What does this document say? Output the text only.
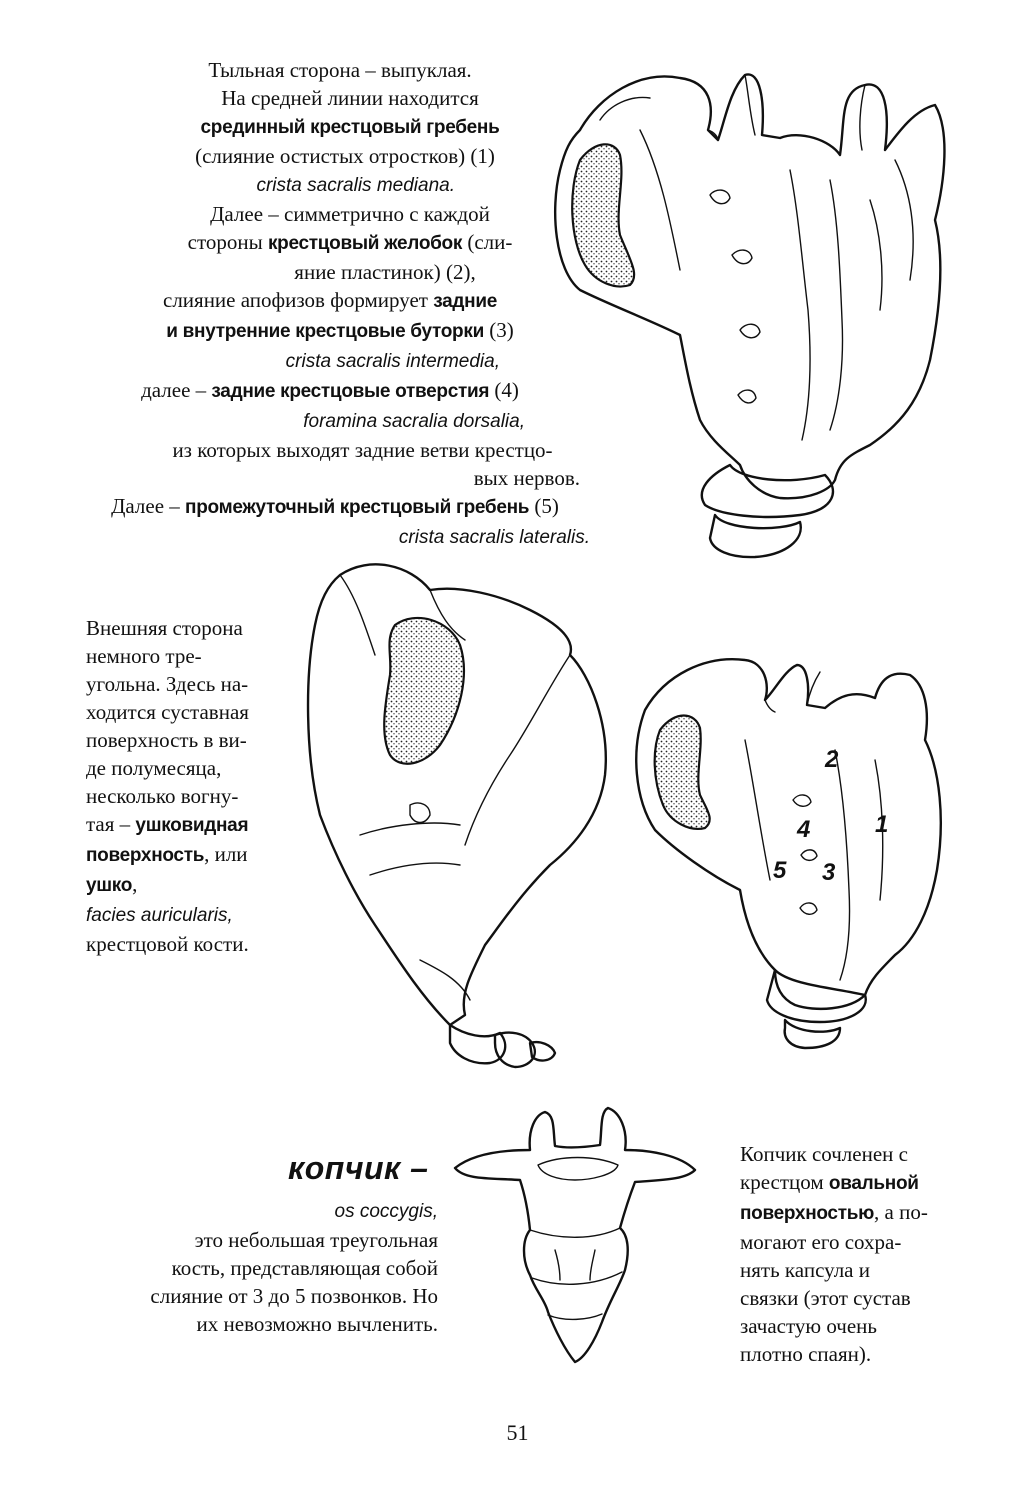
Тыльная сторона – выпуклая.
На средней линии находится
срединный крестцовый гребень
(слияние остистых отростков) (1)
crista sacralis mediana.
Далее – симметрично с каждой
стороны крестцовый желобок (сли-
яние пластинок) (2),
слияние апофизов формирует задние
и внутренние крестцовые буторки (3)
crista sacralis intermedia,
далее – задние крестцовые отверстия (4)
foramina sacralia dorsalia,
из которых выходят задние ветви крестцо-
вых нервов.
Далее – промежуточный крестцовый гребень (5)
crista sacralis lateralis.
Внешняя сторона
немного тре-
угольна. Здесь на-
ходится суставная
поверхность в ви-
де полумесяца,
несколько вогну-
тая – ушковидная
поверхность, или
ушко,
facies auricularis,
крестцовой кости.
копчик –
os coccygis,
это небольшая треугольная
кость, представляющая собой
слияние от 3 до 5 позвонков. Но
их невозможно вычленить.
Копчик сочленен с
крестцом овальной
поверхностью, а по-
могают его сохра-
нять капсула и
связки (этот сустав
зачастую очень
плотно спаян).
51
2
4	1
5 3
